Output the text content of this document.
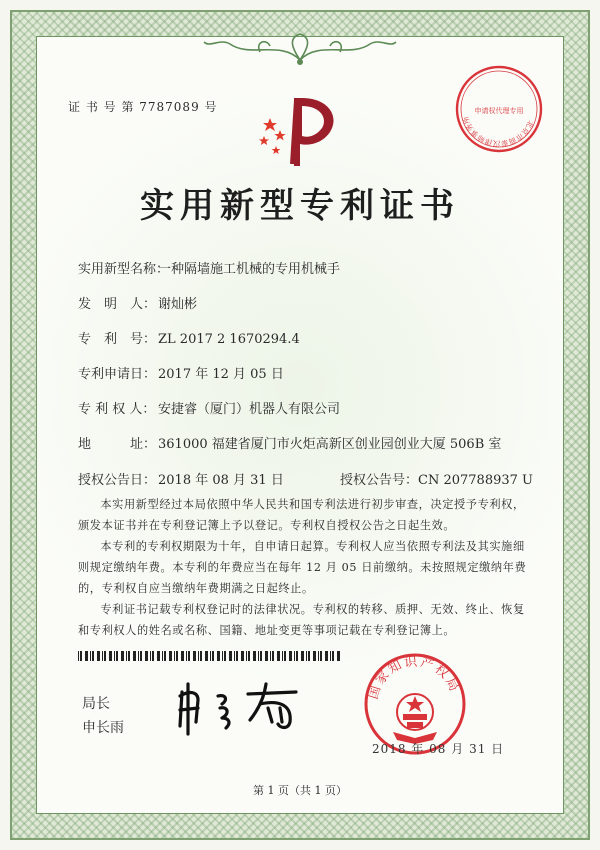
证 书 号 第 7787089 号
北京市商泰汉律师事务所
申请权代理专用
实用新型专利证书
实用新型名称：一种隔墙施工机械的专用机械手
发　明　人： 谢灿彬
专　利　号： ZL 2017 2 1670294.4
专利申请日： 2017 年 12 月 05 日
专 利 权 人： 安捷睿（厦门）机器人有限公司
地　　　址： 361000 福建省厦门市火炬高新区创业园创业大厦 506B 室
授权公告日： 2018 年 08 月 31 日	授权公告号：CN 207788937 U

本实用新型经过本局依照中华人民共和国专利法进行初步审查，决定授予专利权，颁发本证书并在专利登记簿上予以登记。专利权自授权公告之日起生效。

本专利的专利权期限为十年，自申请日起算。专利权人应当依照专利法及其实施细则规定缴纳年费。本专利的年费应当在每年 12 月 05 日前缴纳。未按照规定缴纳年费的，专利权自应当缴纳年费期满之日起终止。

专利证书记载专利权登记时的法律状况。专利权的转移、质押、无效、终止、恢复和专利权人的姓名或名称、国籍、地址变更等事项记载在专利登记簿上。

局长
申长雨
国家知识产权局
2018 年 08 月 31 日
第 1 页（共 1 页）
